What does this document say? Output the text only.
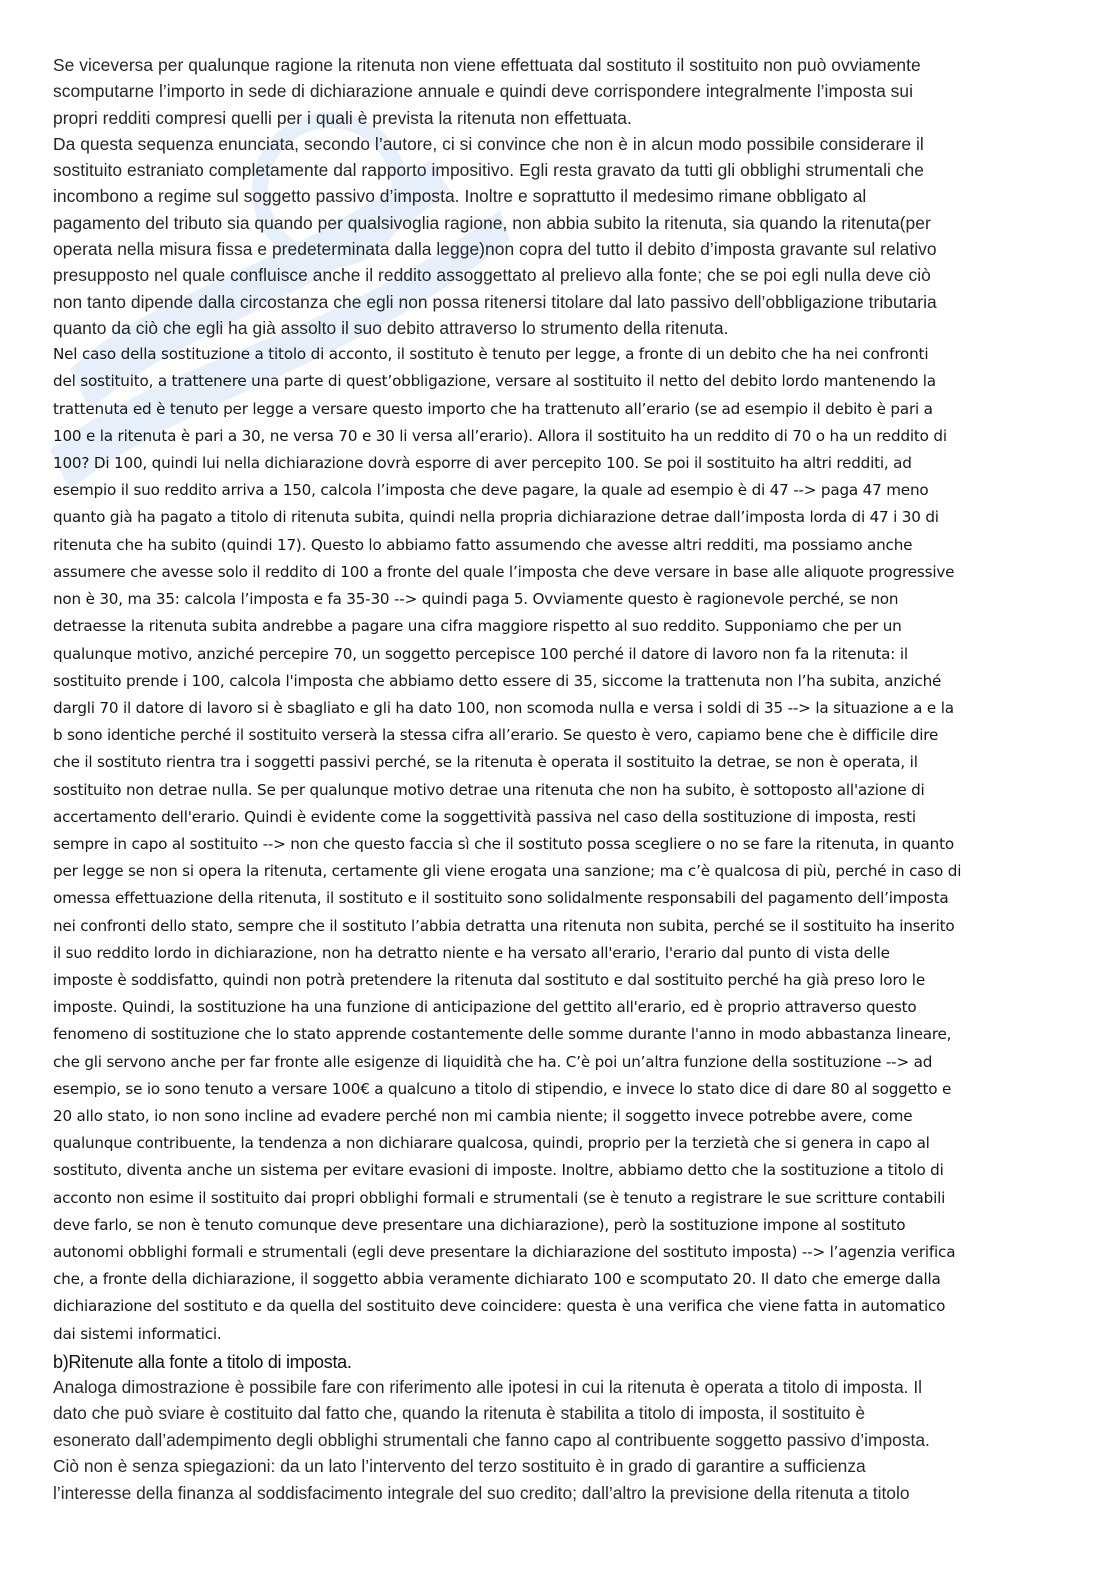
Se viceversa per qualunque ragione la ritenuta non viene effettuata dal sostituto il sostituito non può ovviamente
scomputarne l’importo in sede di dichiarazione annuale e quindi deve corrispondere integralmente l’imposta sui
propri redditi compresi quelli per i quali è prevista la ritenuta non effettuata.
Da questa sequenza enunciata, secondo l’autore, ci si convince che non è in alcun modo possibile considerare il
sostituito estraniato completamente dal rapporto impositivo. Egli resta gravato da tutti gli obblighi strumentali che
incombono a regime sul soggetto passivo d’imposta. Inoltre e soprattutto il medesimo rimane obbligato al
pagamento del tributo sia quando per qualsivoglia ragione, non abbia subito la ritenuta, sia quando la ritenuta(per
operata nella misura fissa e predeterminata dalla legge)non copra del tutto il debito d’imposta gravante sul relativo
presupposto nel quale confluisce anche il reddito assoggettato al prelievo alla fonte; che se poi egli nulla deve ciò
non tanto dipende dalla circostanza che egli non possa ritenersi titolare dal lato passivo dell’obbligazione tributaria
quanto da ciò che egli ha già assolto il suo debito attraverso lo strumento della ritenuta.

Nel caso della sostituzione a titolo di acconto, il sostituto è tenuto per legge, a fronte di un debito che ha nei confronti
del sostituito, a trattenere una parte di quest’obbligazione, versare al sostituito il netto del debito lordo mantenendo la
trattenuta ed è tenuto per legge a versare questo importo che ha trattenuto all’erario (se ad esempio il debito è pari a
100 e la ritenuta è pari a 30, ne versa 70 e 30 li versa all’erario). Allora il sostituito ha un reddito di 70 o ha un reddito di
100? Di 100, quindi lui nella dichiarazione dovrà esporre di aver percepito 100. Se poi il sostituito ha altri redditi, ad
esempio il suo reddito arriva a 150, calcola l’imposta che deve pagare, la quale ad esempio è di 47 --> paga 47 meno
quanto già ha pagato a titolo di ritenuta subita, quindi nella propria dichiarazione detrae dall’imposta lorda di 47 i 30 di
ritenuta che ha subito (quindi 17). Questo lo abbiamo fatto assumendo che avesse altri redditi, ma possiamo anche
assumere che avesse solo il reddito di 100 a fronte del quale l’imposta che deve versare in base alle aliquote progressive
non è 30, ma 35: calcola l’imposta e fa 35-30 --> quindi paga 5. Ovviamente questo è ragionevole perché, se non
detraesse la ritenuta subita andrebbe a pagare una cifra maggiore rispetto al suo reddito. Supponiamo che per un
qualunque motivo, anziché percepire 70, un soggetto percepisce 100 perché il datore di lavoro non fa la ritenuta: il
sostituito prende i 100, calcola l'imposta che abbiamo detto essere di 35, siccome la trattenuta non l’ha subita, anziché
dargli 70 il datore di lavoro si è sbagliato e gli ha dato 100, non scomoda nulla e versa i soldi di 35 --> la situazione a e la
b sono identiche perché il sostituito verserà la stessa cifra all’erario. Se questo è vero, capiamo bene che è difficile dire
che il sostituto rientra tra i soggetti passivi perché, se la ritenuta è operata il sostituito la detrae, se non è operata, il
sostituito non detrae nulla. Se per qualunque motivo detrae una ritenuta che non ha subito, è sottoposto all'azione di
accertamento dell'erario. Quindi è evidente come la soggettività passiva nel caso della sostituzione di imposta, resti
sempre in capo al sostituito --> non che questo faccia sì che il sostituto possa scegliere o no se fare la ritenuta, in quanto
per legge se non si opera la ritenuta, certamente gli viene erogata una sanzione; ma c’è qualcosa di più, perché in caso di
omessa effettuazione della ritenuta, il sostituto e il sostituito sono solidalmente responsabili del pagamento dell’imposta
nei confronti dello stato, sempre che il sostituto l’abbia detratta una ritenuta non subita, perché se il sostituito ha inserito
il suo reddito lordo in dichiarazione, non ha detratto niente e ha versato all'erario, l'erario dal punto di vista delle
imposte è soddisfatto, quindi non potrà pretendere la ritenuta dal sostituto e dal sostituito perché ha già preso loro le
imposte. Quindi, la sostituzione ha una funzione di anticipazione del gettito all'erario, ed è proprio attraverso questo
fenomeno di sostituzione che lo stato apprende costantemente delle somme durante l'anno in modo abbastanza lineare,
che gli servono anche per far fronte alle esigenze di liquidità che ha. C’è poi un’altra funzione della sostituzione --> ad
esempio, se io sono tenuto a versare 100€ a qualcuno a titolo di stipendio, e invece lo stato dice di dare 80 al soggetto e
20 allo stato, io non sono incline ad evadere perché non mi cambia niente; il soggetto invece potrebbe avere, come
qualunque contribuente, la tendenza a non dichiarare qualcosa, quindi, proprio per la terzietà che si genera in capo al
sostituto, diventa anche un sistema per evitare evasioni di imposte. Inoltre, abbiamo detto che la sostituzione a titolo di
acconto non esime il sostituito dai propri obblighi formali e strumentali (se è tenuto a registrare le sue scritture contabili
deve farlo, se non è tenuto comunque deve presentare una dichiarazione), però la sostituzione impone al sostituto
autonomi obblighi formali e strumentali (egli deve presentare la dichiarazione del sostituto imposta) --> l’agenzia verifica
che, a fronte della dichiarazione, il soggetto abbia veramente dichiarato 100 e scomputato 20. Il dato che emerge dalla
dichiarazione del sostituto e da quella del sostituito deve coincidere: questa è una verifica che viene fatta in automatico
dai sistemi informatici.

b)Ritenute alla fonte a titolo di imposta.

Analoga dimostrazione è possibile fare con riferimento alle ipotesi in cui la ritenuta è operata a titolo di imposta. Il
dato che può sviare è costituito dal fatto che, quando la ritenuta è stabilita a titolo di imposta, il sostituito è
esonerato dall’adempimento degli obblighi strumentali che fanno capo al contribuente soggetto passivo d’imposta.
Ciò non è senza spiegazioni: da un lato l’intervento del terzo sostituito è in grado di garantire a sufficienza
l’interesse della finanza al soddisfacimento integrale del suo credito; dall’altro la previsione della ritenuta a titolo
